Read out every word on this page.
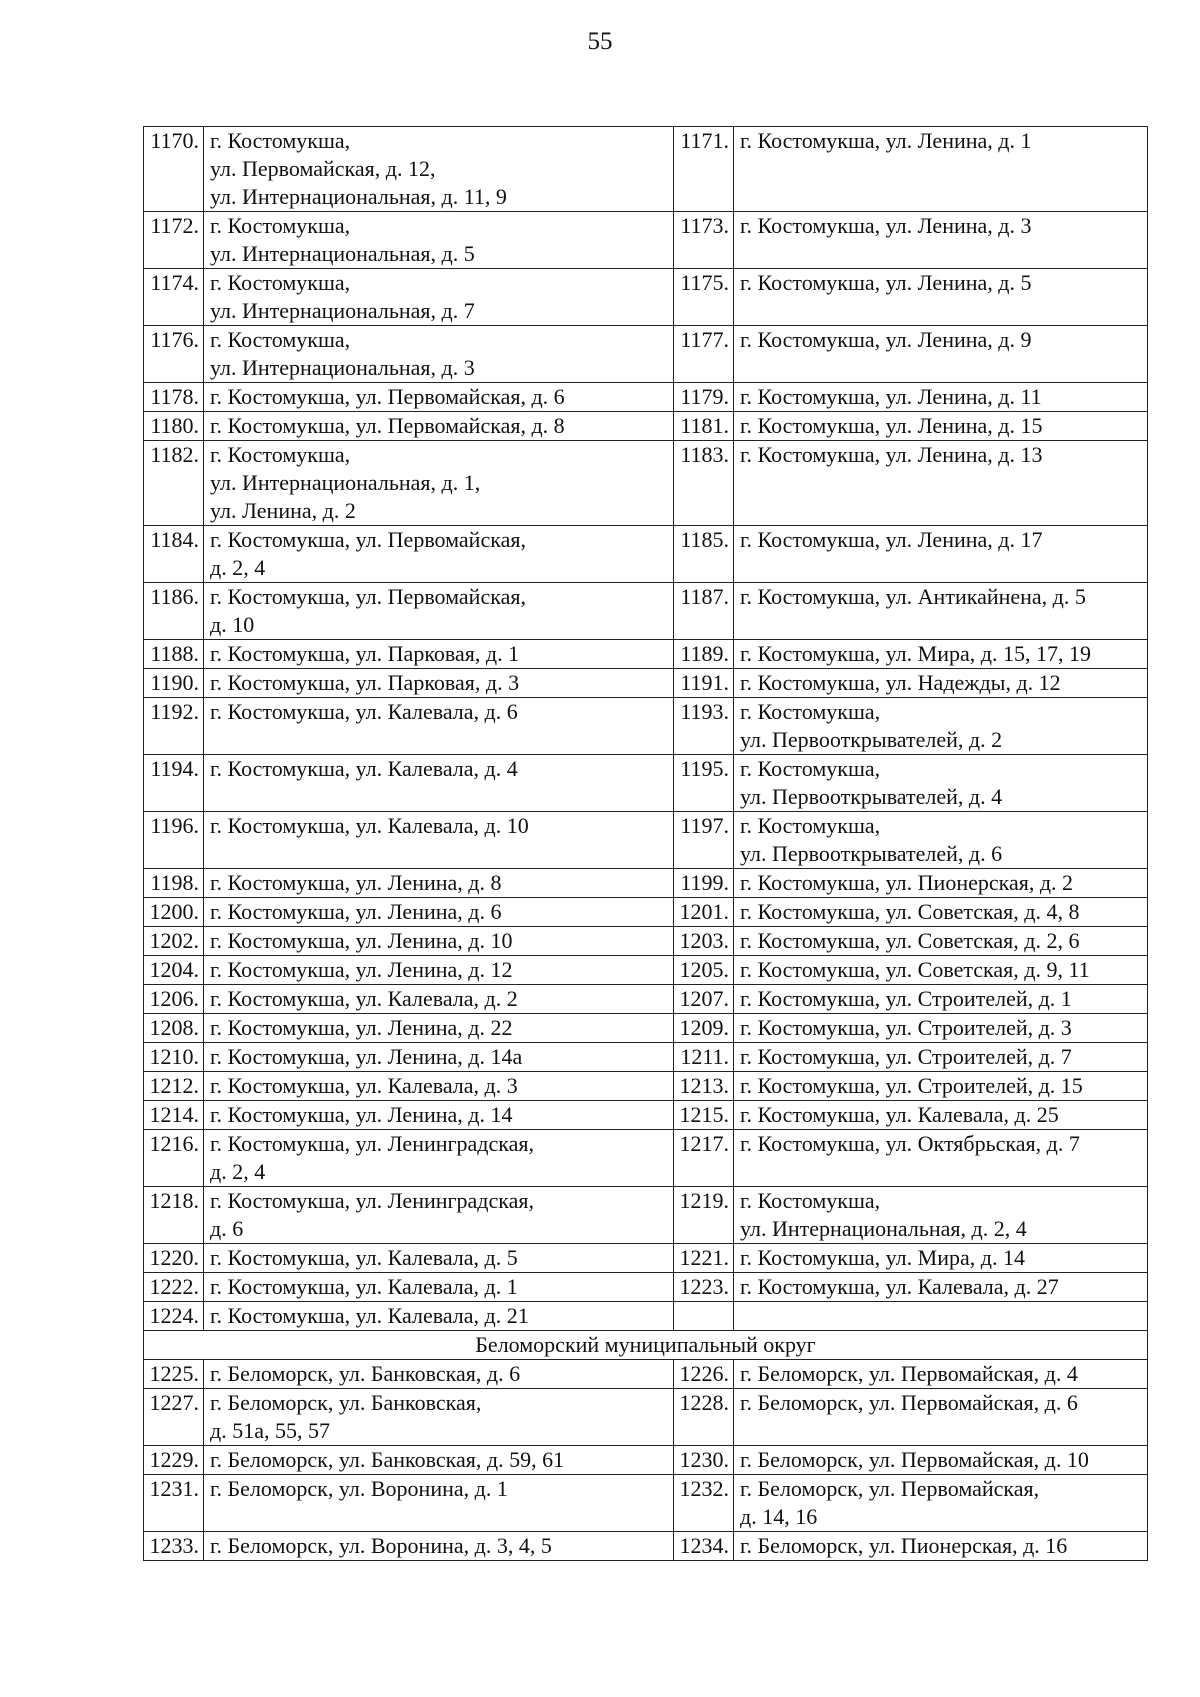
55
1170.	г. Костомукша,
ул. Первомайская, д. 12,
ул. Интернациональная, д. 11, 9	1171.	г. Костомукша, ул. Ленина, д. 1
1172.	г. Костомукша,
ул. Интернациональная, д. 5	1173.	г. Костомукша, ул. Ленина, д. 3
1174.	г. Костомукша,
ул. Интернациональная, д. 7	1175.	г. Костомукша, ул. Ленина, д. 5
1176.	г. Костомукша,
ул. Интернациональная, д. 3	1177.	г. Костомукша, ул. Ленина, д. 9
1178.	г. Костомукша, ул. Первомайская, д. 6	1179.	г. Костомукша, ул. Ленина, д. 11
1180.	г. Костомукша, ул. Первомайская, д. 8	1181.	г. Костомукша, ул. Ленина, д. 15
1182.	г. Костомукша,
ул. Интернациональная, д. 1,
ул. Ленина, д. 2	1183.	г. Костомукша, ул. Ленина, д. 13
1184.	г. Костомукша, ул. Первомайская,
д. 2, 4	1185.	г. Костомукша, ул. Ленина, д. 17
1186.	г. Костомукша, ул. Первомайская,
д. 10	1187.	г. Костомукша, ул. Антикайнена, д. 5
1188.	г. Костомукша, ул. Парковая, д. 1	1189.	г. Костомукша, ул. Мира, д. 15, 17, 19
1190.	г. Костомукша, ул. Парковая, д. 3	1191.	г. Костомукша, ул. Надежды, д. 12
1192.	г. Костомукша, ул. Калевала, д. 6	1193.	г. Костомукша,
ул. Первооткрывателей, д. 2
1194.	г. Костомукша, ул. Калевала, д. 4	1195.	г. Костомукша,
ул. Первооткрывателей, д. 4
1196.	г. Костомукша, ул. Калевала, д. 10	1197.	г. Костомукша,
ул. Первооткрывателей, д. 6
1198.	г. Костомукша, ул. Ленина, д. 8	1199.	г. Костомукша, ул. Пионерская, д. 2
1200.	г. Костомукша, ул. Ленина, д. 6	1201.	г. Костомукша, ул. Советская, д. 4, 8
1202.	г. Костомукша, ул. Ленина, д. 10	1203.	г. Костомукша, ул. Советская, д. 2, 6
1204.	г. Костомукша, ул. Ленина, д. 12	1205.	г. Костомукша, ул. Советская, д. 9, 11
1206.	г. Костомукша, ул. Калевала, д. 2	1207.	г. Костомукша, ул. Строителей, д. 1
1208.	г. Костомукша, ул. Ленина, д. 22	1209.	г. Костомукша, ул. Строителей, д. 3
1210.	г. Костомукша, ул. Ленина, д. 14а	1211.	г. Костомукша, ул. Строителей, д. 7
1212.	г. Костомукша, ул. Калевала, д. 3	1213.	г. Костомукша, ул. Строителей, д. 15
1214.	г. Костомукша, ул. Ленина, д. 14	1215.	г. Костомукша, ул. Калевала, д. 25
1216.	г. Костомукша, ул. Ленинградская,
д. 2, 4	1217.	г. Костомукша, ул. Октябрьская, д. 7
1218.	г. Костомукша, ул. Ленинградская,
д. 6	1219.	г. Костомукша,
ул. Интернациональная, д. 2, 4
1220.	г. Костомукша, ул. Калевала, д. 5	1221.	г. Костомукша, ул. Мира, д. 14
1222.	г. Костомукша, ул. Калевала, д. 1	1223.	г. Костомукша, ул. Калевала, д. 27
1224.	г. Костомукша, ул. Калевала, д. 21		
Беломорский муниципальный округ			
1225.	г. Беломорск, ул. Банковская, д. 6	1226.	г. Беломорск, ул. Первомайская, д. 4
1227.	г. Беломорск, ул. Банковская,
д. 51а, 55, 57	1228.	г. Беломорск, ул. Первомайская, д. 6
1229.	г. Беломорск, ул. Банковская, д. 59, 61	1230.	г. Беломорск, ул. Первомайская, д. 10
1231.	г. Беломорск, ул. Воронина, д. 1	1232.	г. Беломорск, ул. Первомайская,
д. 14, 16
1233.	г. Беломорск, ул. Воронина, д. 3, 4, 5	1234.	г. Беломорск, ул. Пионерская, д. 16
